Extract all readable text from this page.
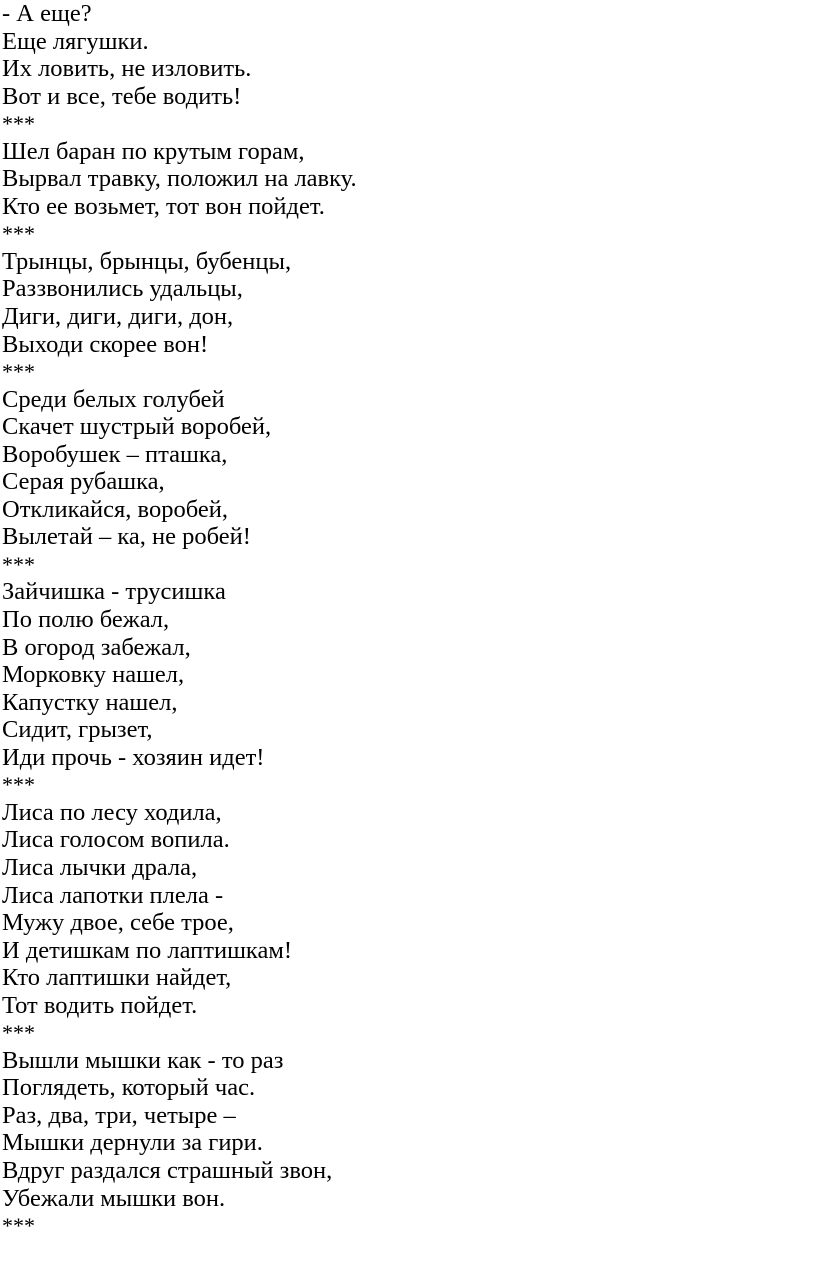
- А еще?
Еще лягушки.
Их ловить, не изловить.
Вот и все, тебе водить!
***
Шел баран по крутым горам,
Вырвал травку, положил на лавку.
Кто ее возьмет, тот вон пойдет.
***
Трынцы, брынцы, бубенцы,
Раззвонились удальцы,
Диги, диги, диги, дон,
Выходи скорее вон!
***
Среди белых голубей
Скачет шустрый воробей,
Воробушек – пташка,
Серая рубашка,
Откликайся, воробей,
Вылетай – ка, не робей!
***
Зайчишка - трусишка
По полю бежал,
В огород забежал,
Морковку нашел,
Капустку нашел,
Сидит, грызет,
Иди прочь - хозяин идет!
***
Лиса по лесу ходила,
Лиса голосом вопила.
Лиса лычки драла,
Лиса лапотки плела -
Мужу двое, себе трое,
И детишкам по лаптишкам!
Кто лаптишки найдет,
Тот водить пойдет.
***
Вышли мышки как - то раз
Поглядеть, который час.
Раз, два, три, четыре –
Мышки дернули за гири.
Вдруг раздался страшный звон,
Убежали мышки вон.
***
